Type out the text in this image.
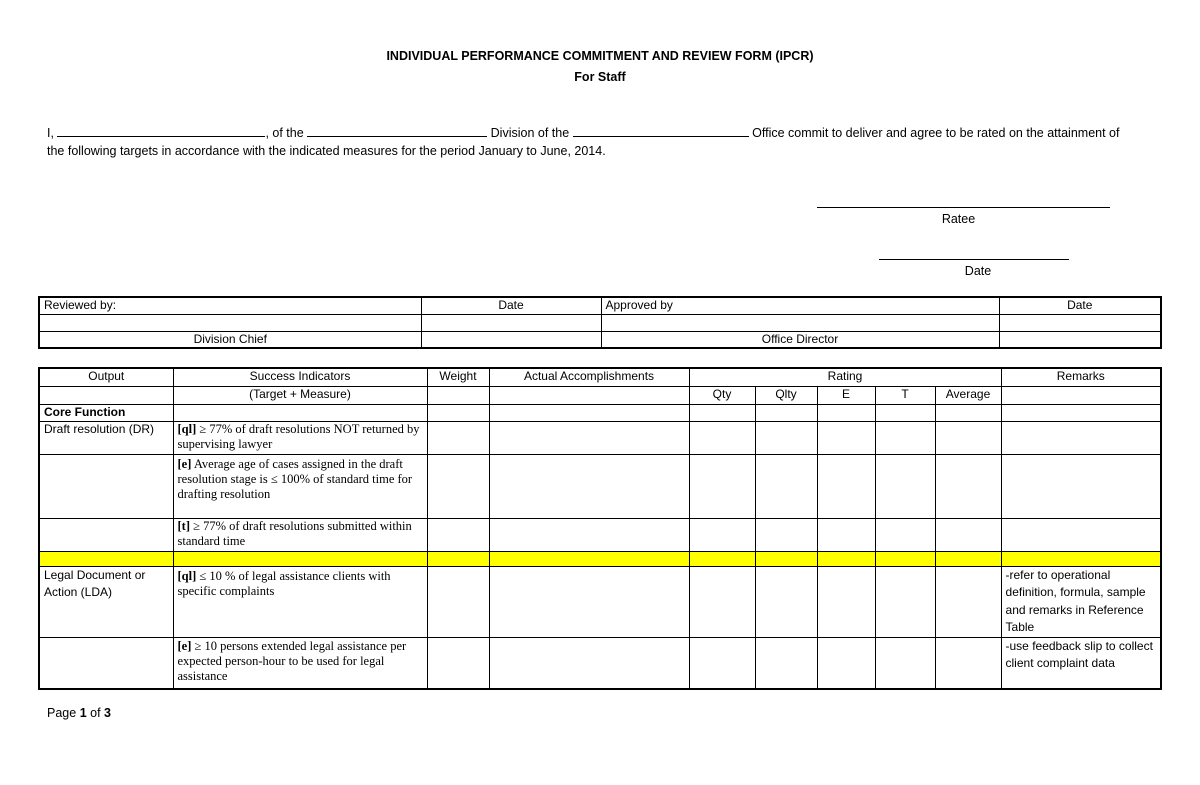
INDIVIDUAL PERFORMANCE COMMITMENT AND REVIEW FORM (IPCR)
For Staff
I,	, of the	Division of the	Office commit to deliver and agree to be rated on the attainment of
the following targets in accordance with the indicated measures for the period January to June, 2014.
Ratee
Date
Reviewed by:	Date	Approved by	Date

Division Chief		Office Director	
Output	Success Indicators	Weight	Actual Accomplishments	Rating					Remarks
	(Target + Measure)			Qty	Qlty	E	T	Average	
Core Function									
Draft resolution (DR)	[ql] ≥ 77% of draft resolutions NOT returned by supervising lawyer								
	[e] Average age of cases assigned in the draft resolution stage is ≤ 100% of standard time for drafting resolution								
	[t] ≥ 77% of draft resolutions submitted within standard time								

Legal Document or Action (LDA)	[ql] ≤ 10 % of legal assistance clients with specific complaints								-refer to operational definition, formula, sample and remarks in Reference Table
	[e] ≥ 10 persons extended legal assistance per expected person-hour to be used for legal assistance								-use feedback slip to collect client complaint data
Page 1 of 3
